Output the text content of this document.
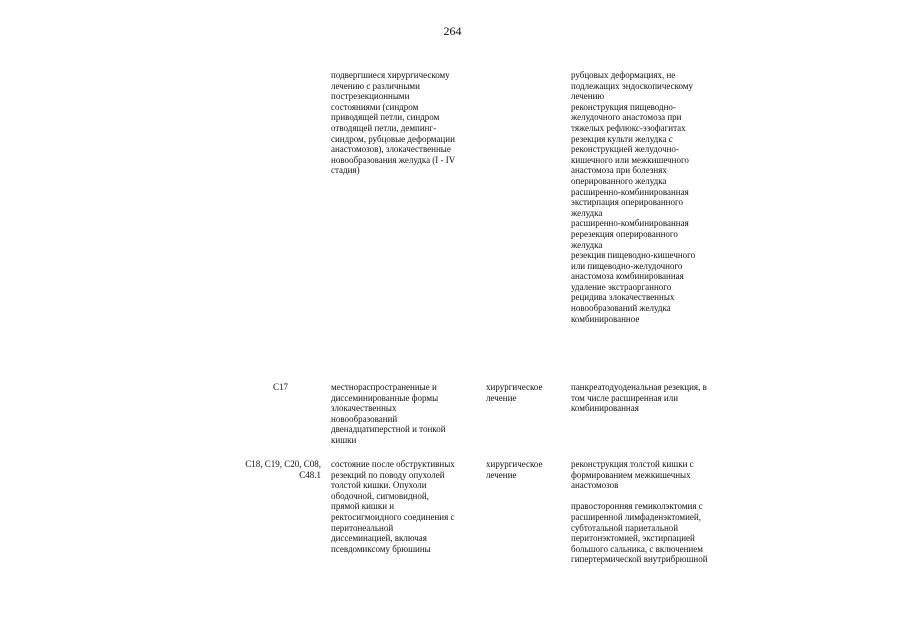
264
подвергшиеся хирургическому
лечению с различными
пострезекционными
состояниями (синдром
приводящей петли, синдром
отводящей петли, демпинг-
синдром, рубцовые деформации
анастомозов), злокачественные
новообразования желудка (I - IV
стадия)
рубцовых деформациях, не
подлежащих эндоскопическому
лечению
реконструкция пищеводно-
желудочного анастомоза при
тяжелых рефлюкс-эзофагитах
резекция культи желудка с
реконструкцией желудочно-
кишечного или межкишечного
анастомоза при болезнях
оперированного желудка
расширенно-комбинированная
экстирпация оперированного
желудка
расширенно-комбинированная
ререзекция оперированного
желудка
резекция пищеводно-кишечного
или пищеводно-желудочного
анастомоза комбинированная
удаление экстраорганного
рецидива злокачественных
новообразований желудка
комбинированное
C17	местнораспространенные и
диссеминированные формы
злокачественных
новообразований
двенадцатиперстной и тонкой
кишки
хирургическое
лечение
панкреатодуоденальная резекция, в
том числе расширенная или
комбинированная
C18, C19, C20, C08,
C48.1
состояние после обструктивных
резекций по поводу опухолей
толстой кишки. Опухоли
ободочной, сигмовидной,
прямой кишки и
ректосигмоидного соединения с
перитонеальной
диссеминацией, включая
псевдомиксому брюшины
хирургическое
лечение
реконструкция толстой кишки с
формированием межкишечных
анастомозов

правосторонняя гемиколэктомия с
расширенной лимфаденэктомией,
субтотальной париетальной
перитонэктомией, экстирпацией
большого сальника, с включением
гипертермической внутрибрюшной
